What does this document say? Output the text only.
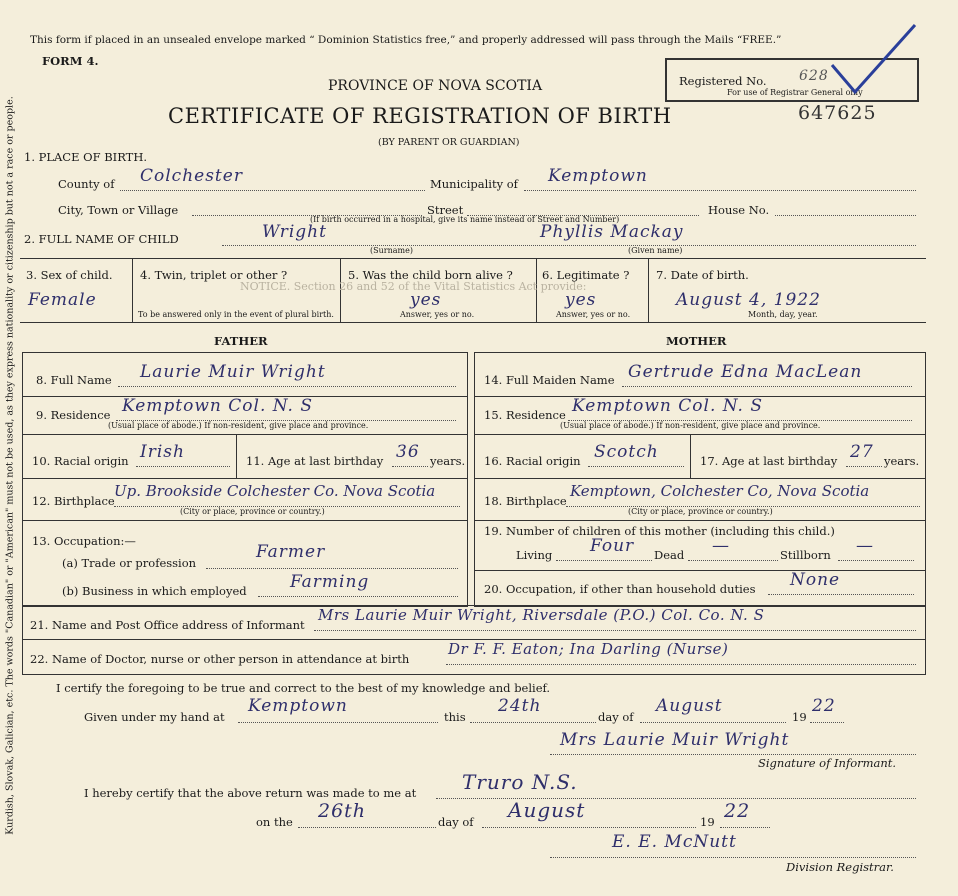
Kurdish, Slovak, Galician, etc. The words "Canadian" or "American" must not be used, as they express nationality or citizenship but not a race or people.
This form if placed in an unsealed envelope marked “ Dominion Statistics free,” and properly addressed will pass through the Mails “FREE.”
FORM 4.
PROVINCE OF NOVA SCOTIA
CERTIFICATE OF REGISTRATION OF BIRTH
(BY PARENT OR GUARDIAN)
Registered No. 628
For use of Registrar General only
647625
1. PLACE OF BIRTH.
County of Colchester	Municipality of Kemptown
City, Town or Village	Street	House No.
(If birth occurred in a hospital, give its name instead of Street and Number)
2. FULL NAME OF CHILD	Wright	Phyllis Mackay
(Surname)	(Given name)
3. Sex of child.
Female
4. Twin, triplet or other ?
To be answered only in the event of plural birth.
5. Was the child born alive ?
yes
Answer, yes or no.
6. Legitimate ?
yes
Answer, yes or no.
7. Date of birth.
August 4, 1922
Month, day, year.
NOTICE. Section 26 and 52 of the Vital Statistics Act provide:
FATHER	MOTHER
8. Full Name Laurie Muir Wright
9. Residence Kemptown Col. N. S
(Usual place of abode.) If non-resident, give place and province.
10. Racial origin Irish	11. Age at last birthday 36 years.
12. Birthplace
Up. Brookside Colchester Co. Nova Scotia
(City or place, province or country.)
13. Occupation:—
(a) Trade or profession
Farmer
(b) Business in which employed	Farming
14. Full Maiden Name Gertrude Edna MacLean
15. Residence Kemptown Col. N. S
(Usual place of abode.) If non-resident, give place and province.
16. Racial origin Scotch	17. Age at last birthday 27 years.
18. Birthplace
Kemptown, Colchester Co, Nova Scotia
(City or place, province or country.)
19. Number of children of this mother (including this child.)
Living Four Dead —	Stillborn —
20. Occupation, if other than household duties None
21. Name and Post Office address of Informant
Mrs Laurie Muir Wright, Riversdale (P.O.) Col. Co. N. S
22. Name of Doctor, nurse or other person in attendance at birth
Dr F. F. Eaton; Ina Darling (Nurse)
I certify the foregoing to be true and correct to the best of my knowledge and belief.
Given under my hand at
Kemptown
this
24th
day of
August
19
22
Mrs Laurie Muir Wright
Signature of Informant.
I hereby certify that the above return was made to me at Truro N.S.
on the 26th	day of August	19 22
E. E. McNutt
Division Registrar.
